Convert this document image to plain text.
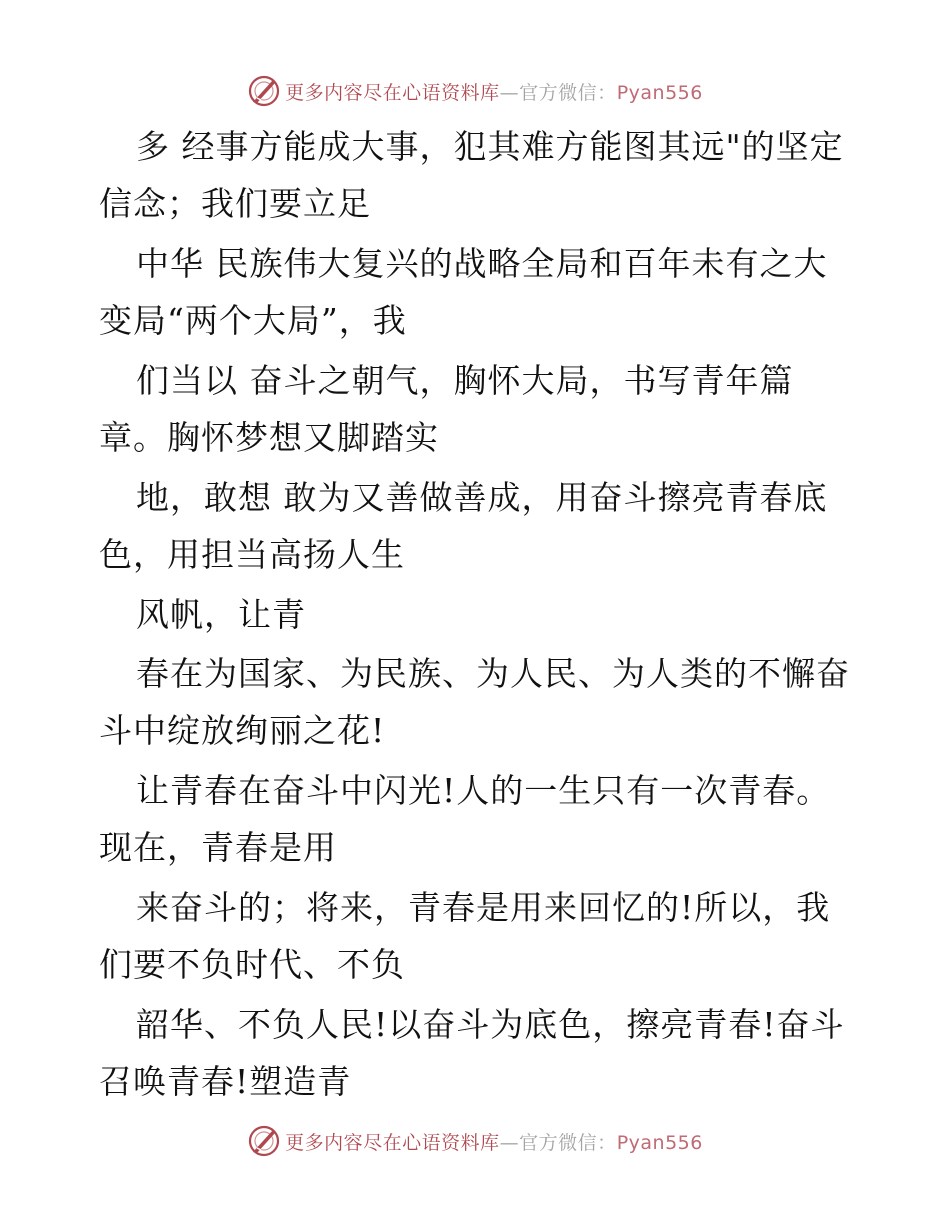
更多内容尽在心语资料库—官方微信：Pyan556
多 经事方能成大事，犯其难方能图其远"的坚定
信念；我们要立足
中华 民族伟大复兴的战略全局和百年未有之大
变局“两个大局”，我
们当以 奋斗之朝气，胸怀大局，书写青年篇
章。胸怀梦想又脚踏实
地，敢想 敢为又善做善成，用奋斗擦亮青春底
色，用担当高扬人生
风帆，让青
春在为国家、为民族、为人民、为人类的不懈奋
斗中绽放绚丽之花!
让青春在奋斗中闪光!人的一生只有一次青春。
现在，青春是用
来奋斗的；将来，青春是用来回忆的!所以，我
们要不负时代、不负
韶华、不负人民!以奋斗为底色，擦亮青春!奋斗
召唤青春!塑造青
更多内容尽在心语资料库—官方微信：Pyan556
